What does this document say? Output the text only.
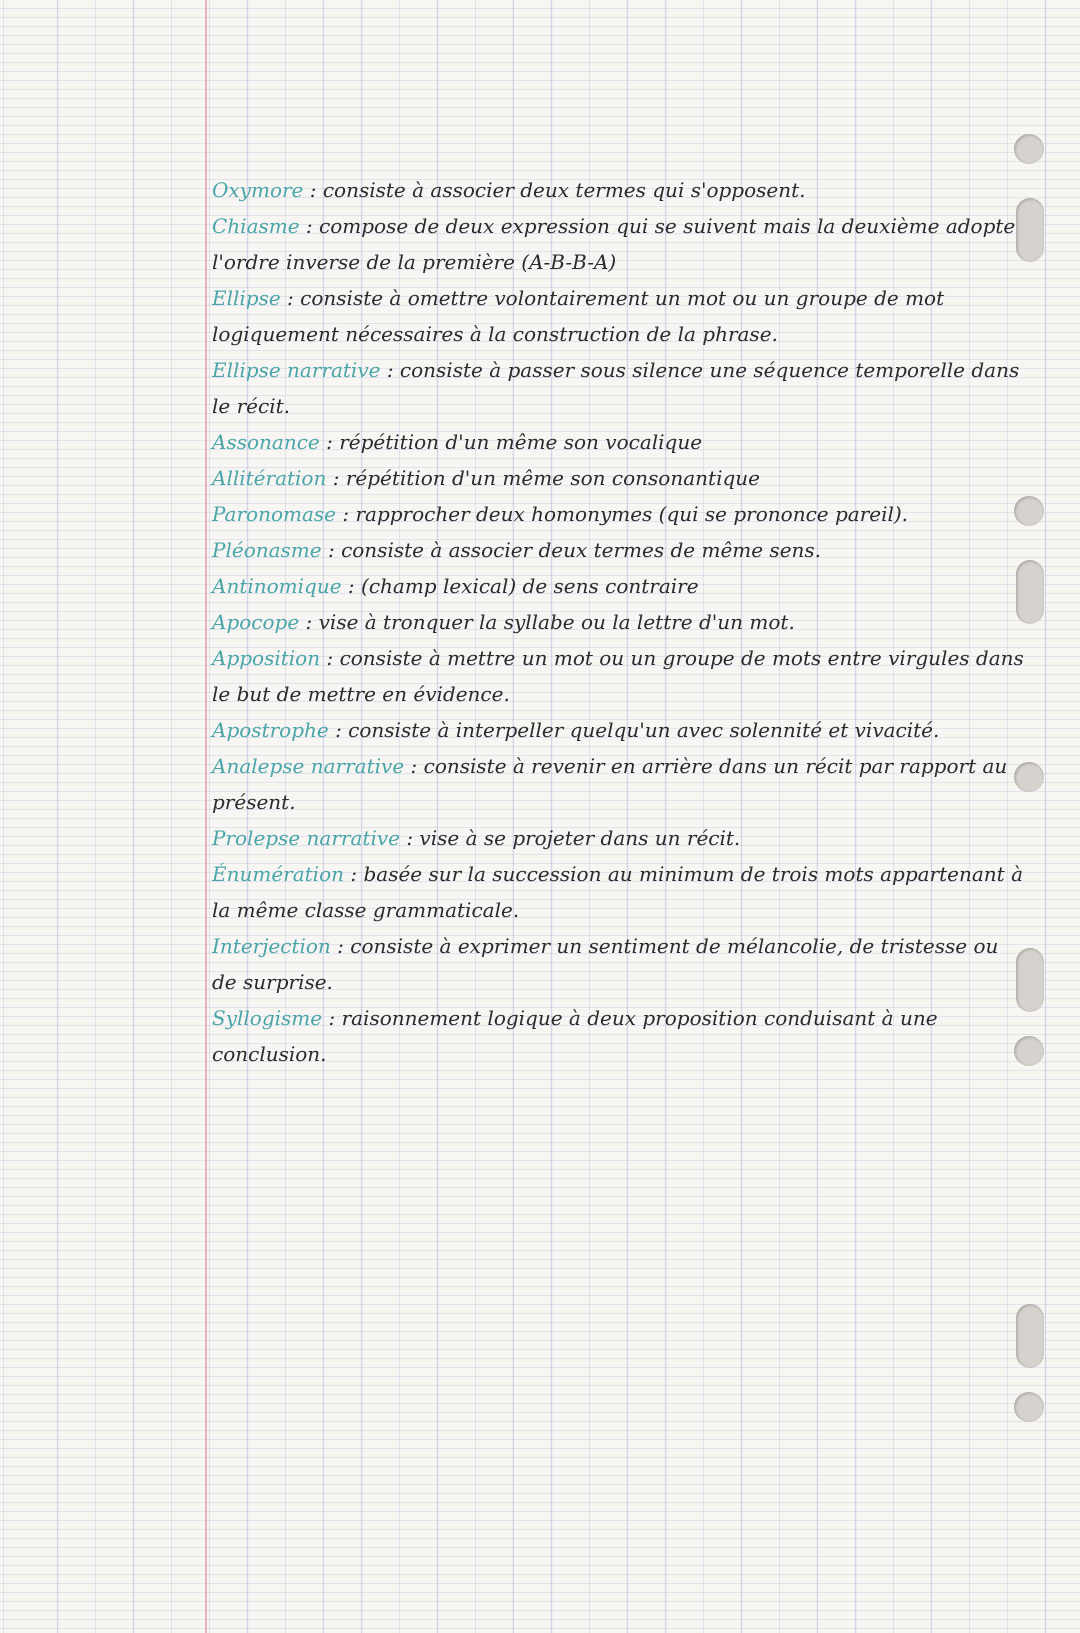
Oxymore : consiste à associer deux termes qui s'opposent.
Chiasme : compose de deux expression qui se suivent mais la deuxième adopte l'ordre inverse de la première (A-B-B-A)
Ellipse : consiste à omettre volontairement un mot ou un groupe de mot logiquement nécessaires à la construction de la phrase.
Ellipse narrative : consiste à passer sous silence une séquence temporelle dans le récit.
Assonance : répétition d'un même son vocalique
Allitération : répétition d'un même son consonantique
Paronomase : rapprocher deux homonymes (qui se prononce pareil).
Pléonasme : consiste à associer deux termes de même sens.
Antinomique : (champ lexical) de sens contraire
Apocope : vise à tronquer la syllabe ou la lettre d'un mot.
Apposition : consiste à mettre un mot ou un groupe de mots entre virgules dans le but de mettre en évidence.
Apostrophe : consiste à interpeller quelqu'un avec solennité et vivacité.
Analepse narrative : consiste à revenir en arrière dans un récit par rapport au présent.
Prolepse narrative : vise à se projeter dans un récit.
Énumération : basée sur la succession au minimum de trois mots appartenant à la même classe grammaticale.
Interjection : consiste à exprimer un sentiment de mélancolie, de tristesse ou de surprise.
Syllogisme : raisonnement logique à deux proposition conduisant à une conclusion.
